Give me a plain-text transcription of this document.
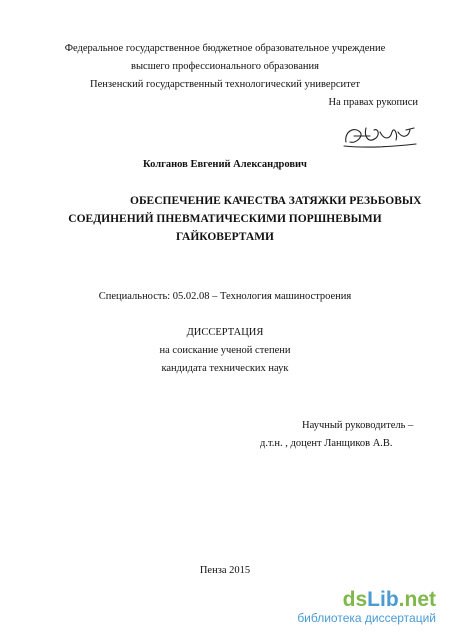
Федеральное государственное бюджетное образовательное учреждение
высшего профессионального образования
Пензенский государственный технологический университет
На правах рукописи
Колганов Евгений Александрович
ОБЕСПЕЧЕНИЕ КАЧЕСТВА ЗАТЯЖКИ РЕЗЬБОВЫХ
СОЕДИНЕНИЙ ПНЕВМАТИЧЕСКИМИ ПОРШНЕВЫМИ
ГАЙКОВЕРТАМИ
Специальность: 05.02.08 – Технология машиностроения
ДИССЕРТАЦИЯ
на соискание ученой степени
кандидата технических наук
Научный руководитель –
д.т.н. , доцент Ланщиков А.В.
Пенза 2015
dsLib.net
библиотека диссертаций
